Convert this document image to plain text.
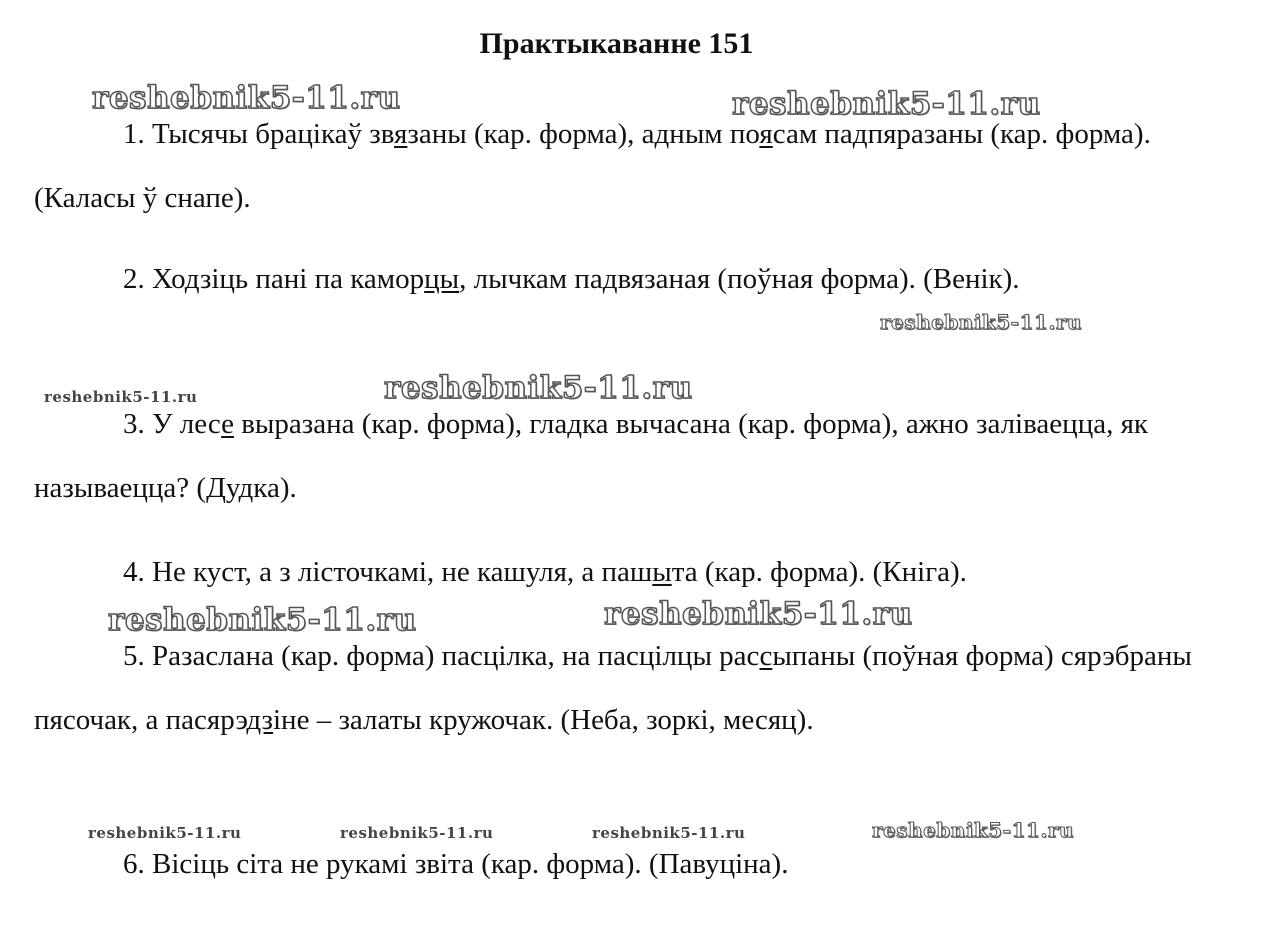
Практыкаванне 151

1. Тысячы брацікаў звязаны (кар. форма), адным поясам падпяразаны (кар. форма). (Каласы ў снапе).

2. Ходзіць пані па каморцы, лычкам падвязаная (поўная форма). (Венік).

3. У лесе выразана (кар. форма), гладка вычасана (кар. форма), ажно заліваецца, як называецца? (Дудка).

4. Не куст, а з лісточкамі, не кашуля, а пашыта (кар. форма). (Кніга).

5. Разаслана (кар. форма) пасцілка, на пасцілцы рассыпаны (поўная форма) сярэбраны пясочак, а пасярэдзіне – залаты кружочак. (Неба, зоркі, месяц).

6. Вісіць сіта не рукамі звіта (кар. форма). (Павуціна).

reshebnik5-11.ru	reshebnik5-11.ru
reshebnik5-11.ru
reshebnik5-11.ru	reshebnik5-11.ru
reshebnik5-11.ru	reshebnik5-11.ru
reshebnik5-11.ru	reshebnik5-11.ru	reshebnik5-11.ru	reshebnik5-11.ru
